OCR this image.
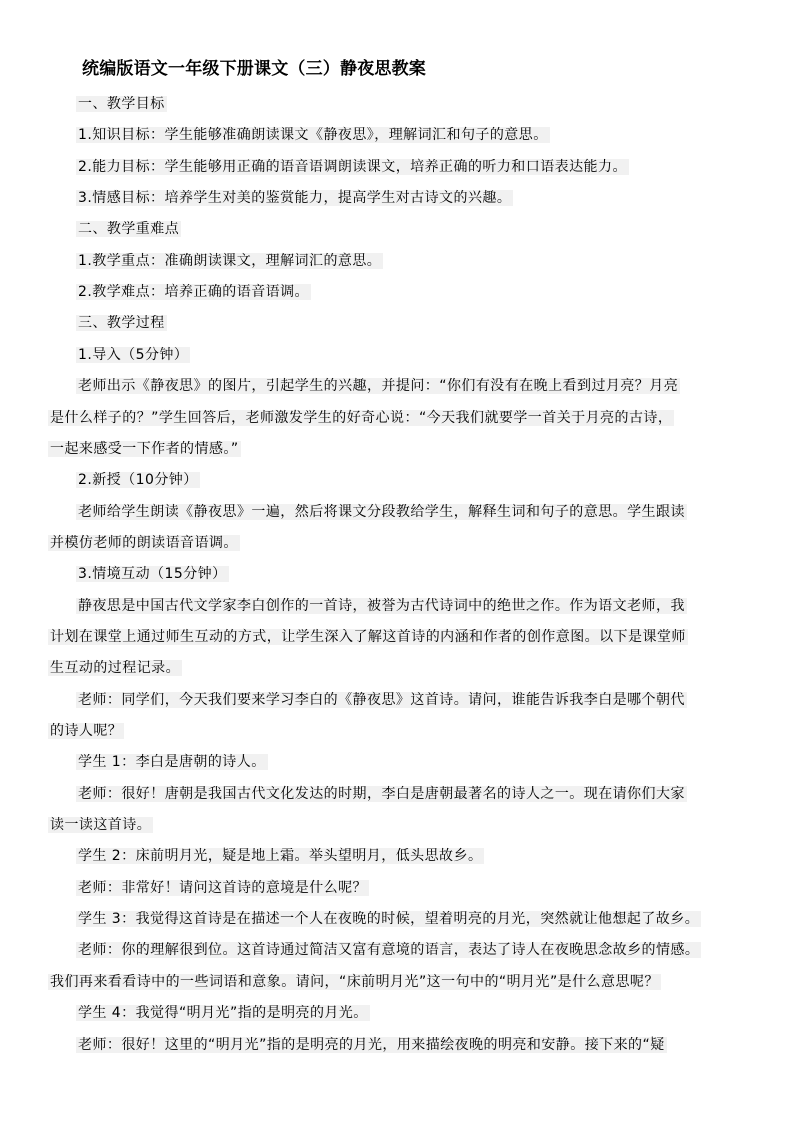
统编版语文一年级下册课文（三）静夜思教案
一、教学目标
1.知识目标：学生能够准确朗读课文《静夜思》，理解词汇和句子的意思。
2.能力目标：学生能够用正确的语音语调朗读课文，培养正确的听力和口语表达能力。
3.情感目标：培养学生对美的鉴赏能力，提高学生对古诗文的兴趣。
二、教学重难点
1.教学重点：准确朗读课文，理解词汇的意思。
2.教学难点：培养正确的语音语调。
三、教学过程
1.导入（5分钟）
老师出示《静夜思》的图片，引起学生的兴趣，并提问：“你们有没有在晚上看到过月亮？月亮
是什么样子的？”学生回答后，老师激发学生的好奇心说：“今天我们就要学一首关于月亮的古诗，
一起来感受一下作者的情感。”
2.新授（10分钟）
老师给学生朗读《静夜思》一遍，然后将课文分段教给学生，解释生词和句子的意思。学生跟读
并模仿老师的朗读语音语调。
3.情境互动（15分钟）
静夜思是中国古代文学家李白创作的一首诗，被誉为古代诗词中的绝世之作。作为语文老师，我
计划在课堂上通过师生互动的方式，让学生深入了解这首诗的内涵和作者的创作意图。以下是课堂师
生互动的过程记录。
老师：同学们，今天我们要来学习李白的《静夜思》这首诗。请问，谁能告诉我李白是哪个朝代
的诗人呢？
学生 1：李白是唐朝的诗人。
老师：很好！唐朝是我国古代文化发达的时期，李白是唐朝最著名的诗人之一。现在请你们大家
读一读这首诗。
学生 2：床前明月光，疑是地上霜。举头望明月，低头思故乡。
老师：非常好！请问这首诗的意境是什么呢？
学生 3：我觉得这首诗是在描述一个人在夜晚的时候，望着明亮的月光，突然就让他想起了故乡。
老师：你的理解很到位。这首诗通过简洁又富有意境的语言，表达了诗人在夜晚思念故乡的情感。
我们再来看看诗中的一些词语和意象。请问，“床前明月光”这一句中的“明月光”是什么意思呢？
学生 4：我觉得“明月光”指的是明亮的月光。
老师：很好！这里的“明月光”指的是明亮的月光，用来描绘夜晚的明亮和安静。接下来的“疑
